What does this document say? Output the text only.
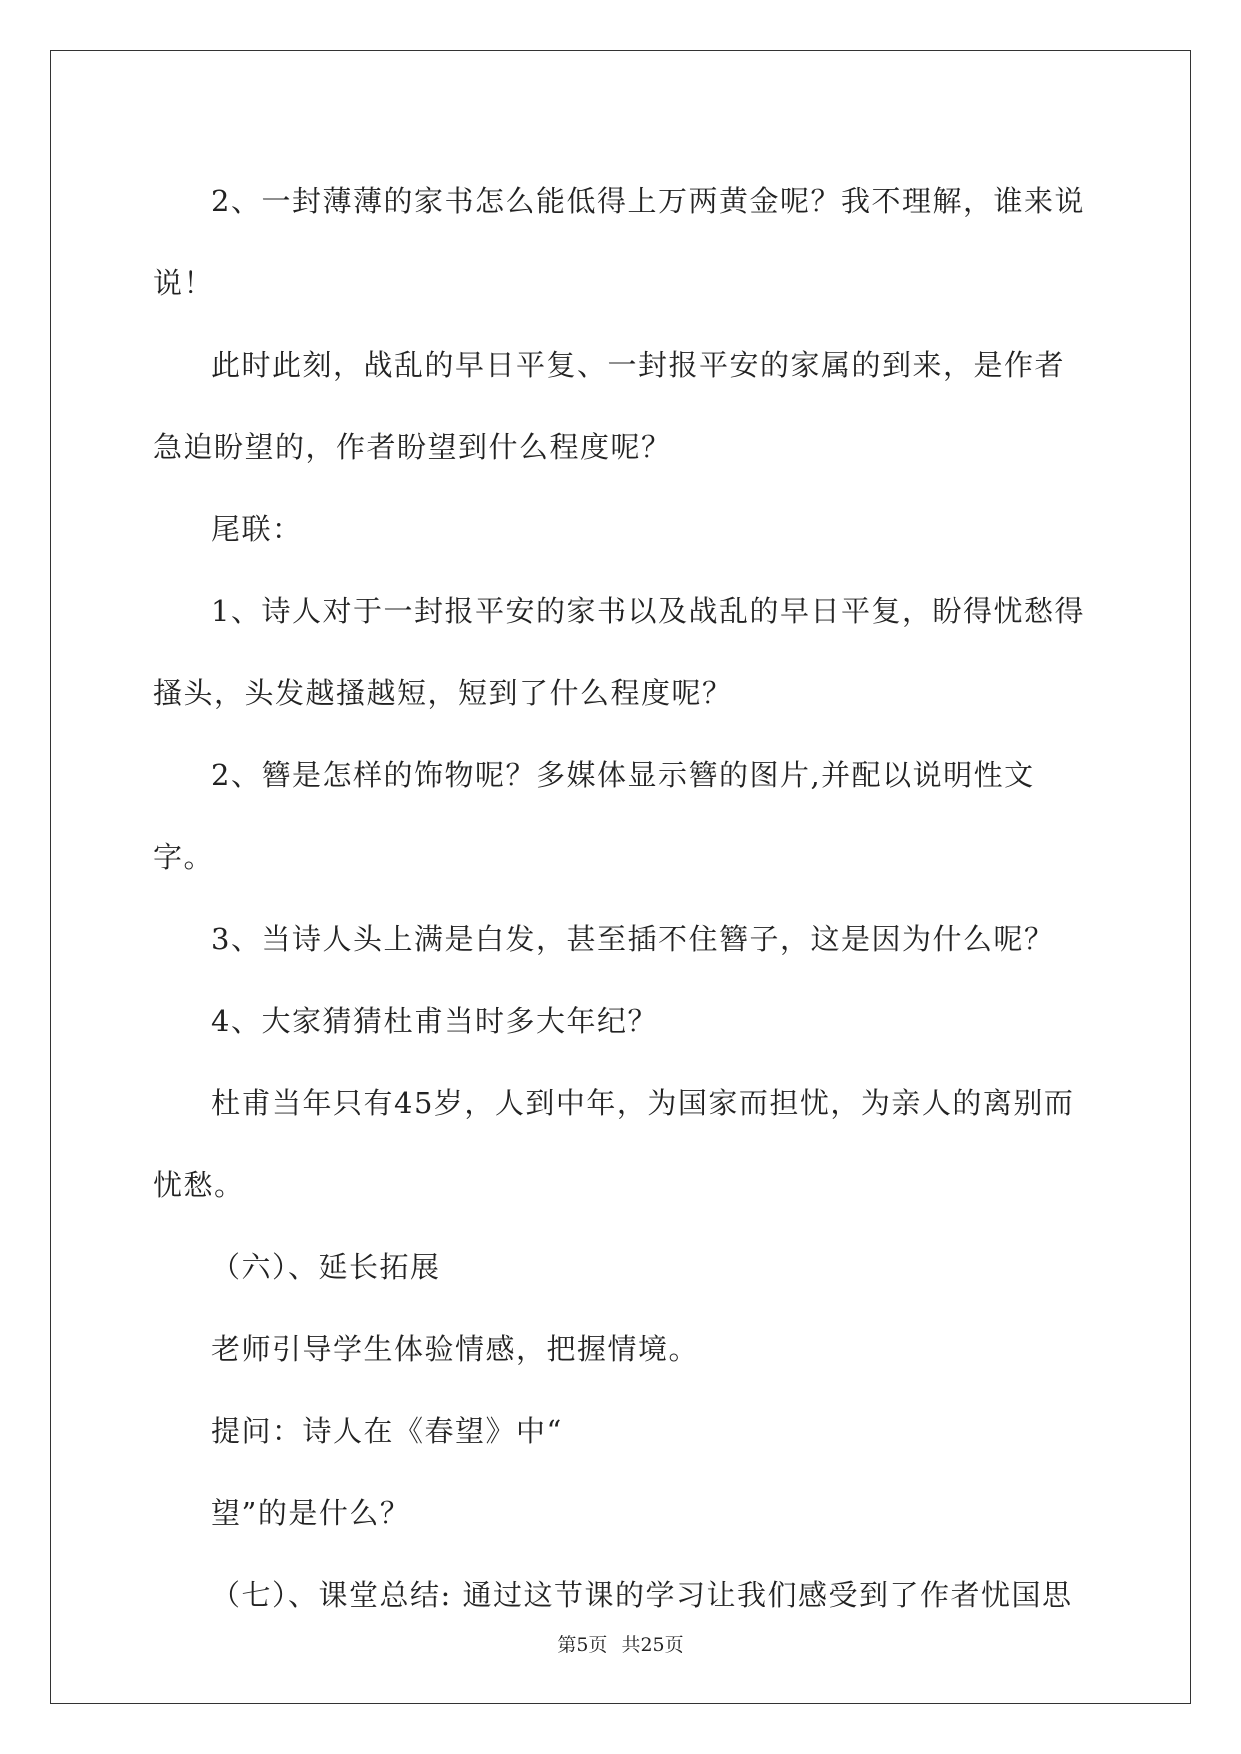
2、一封薄薄的家书怎么能低得上万两黄金呢？我不理解，谁来说说！

此时此刻，战乱的早日平复、一封报平安的家属的到来，是作者急迫盼望的，作者盼望到什么程度呢？

尾联：

1、诗人对于一封报平安的家书以及战乱的早日平复，盼得忧愁得搔头，头发越搔越短，短到了什么程度呢？

2、簪是怎样的饰物呢？多媒体显示簪的图片,并配以说明性文字。

3、当诗人头上满是白发，甚至插不住簪子，这是因为什么呢？

4、大家猜猜杜甫当时多大年纪？

杜甫当年只有45岁，人到中年，为国家而担忧，为亲人的离别而忧愁。

（六）、延长拓展

老师引导学生体验情感，把握情境。

提问：诗人在《春望》中“

望”的是什么？

（七）、课堂总结: 通过这节课的学习让我们感受到了作者忧国思

第5页 共25页
